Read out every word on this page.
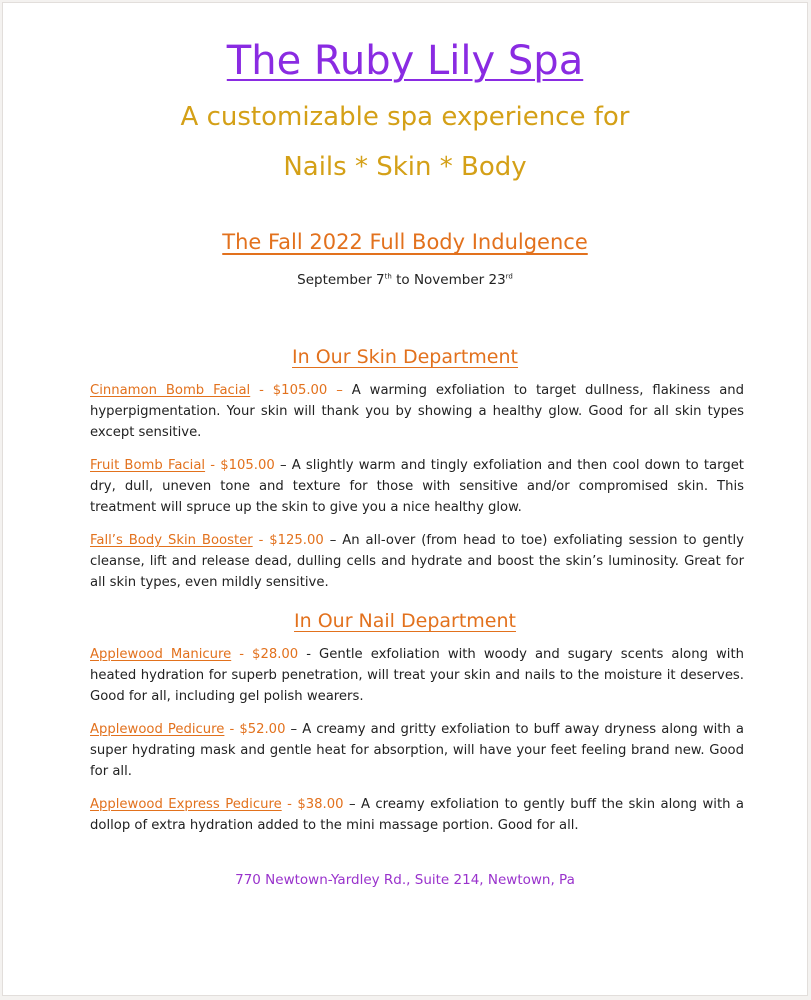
The Ruby Lily Spa
A customizable spa experience for
Nails * Skin * Body
The Fall 2022 Full Body Indulgence
September 7th to November 23rd
In Our Skin Department

Cinnamon Bomb Facial - $105.00 – A warming exfoliation to target dullness, flakiness and hyperpigmentation. Your skin will thank you by showing a healthy glow. Good for all skin types except sensitive.

Fruit Bomb Facial - $105.00 – A slightly warm and tingly exfoliation and then cool down to target dry, dull, uneven tone and texture for those with sensitive and/or compromised skin. This treatment will spruce up the skin to give you a nice healthy glow.

Fall’s Body Skin Booster - $125.00 – An all-over (from head to toe) exfoliating session to gently cleanse, lift and release dead, dulling cells and hydrate and boost the skin’s luminosity. Great for all skin types, even mildly sensitive.

In Our Nail Department

Applewood Manicure - $28.00 - Gentle exfoliation with woody and sugary scents along with heated hydration for superb penetration, will treat your skin and nails to the moisture it deserves. Good for all, including gel polish wearers.

Applewood Pedicure - $52.00 – A creamy and gritty exfoliation to buff away dryness along with a super hydrating mask and gentle heat for absorption, will have your feet feeling brand new. Good for all.

Applewood Express Pedicure - $38.00 – A creamy exfoliation to gently buff the skin along with a dollop of extra hydration added to the mini massage portion. Good for all.

770 Newtown-Yardley Rd., Suite 214, Newtown, Pa
